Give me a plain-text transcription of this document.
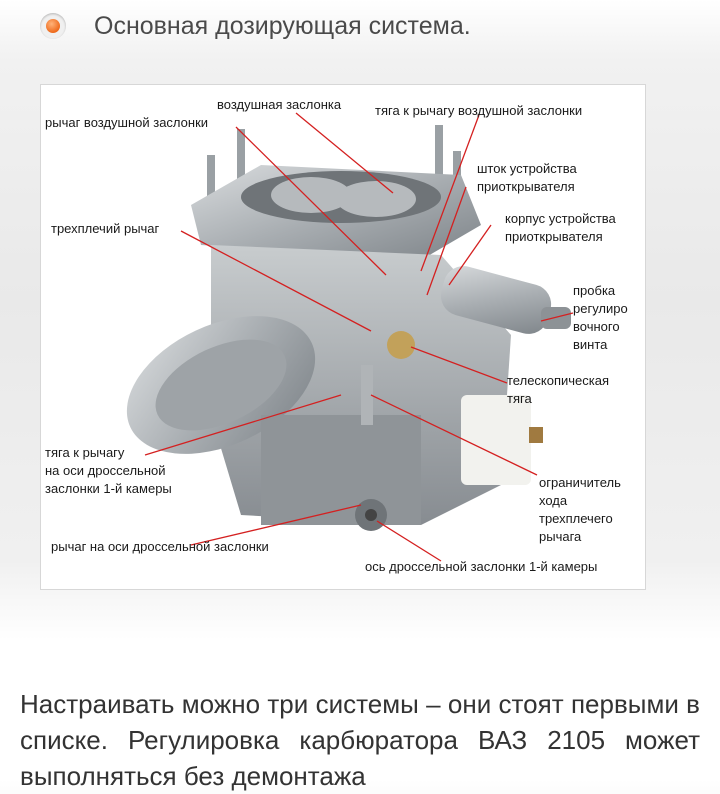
Основная дозирующая система.
воздушная заслонка	тяга к рычагу воздушной заслонки
рычаг воздушной заслонки
шток устройства
приоткрывателя
трехплечий рычаг
корпус устройства
приоткрывателя
пробка
регулиро
вочного
винта
телескопическая
тяга
тяга к рычагу
на оси дроссельной
заслонки 1-й камеры	ограничитель
хода
трехплечего
рычага
рычаг на оси дроссельной заслонки
ось дроссельной заслонки 1-й камеры

Настраивать можно три системы – они стоят первыми в списке. Регулировка карбюратора ВАЗ 2105 может выполняться без демонтажа
